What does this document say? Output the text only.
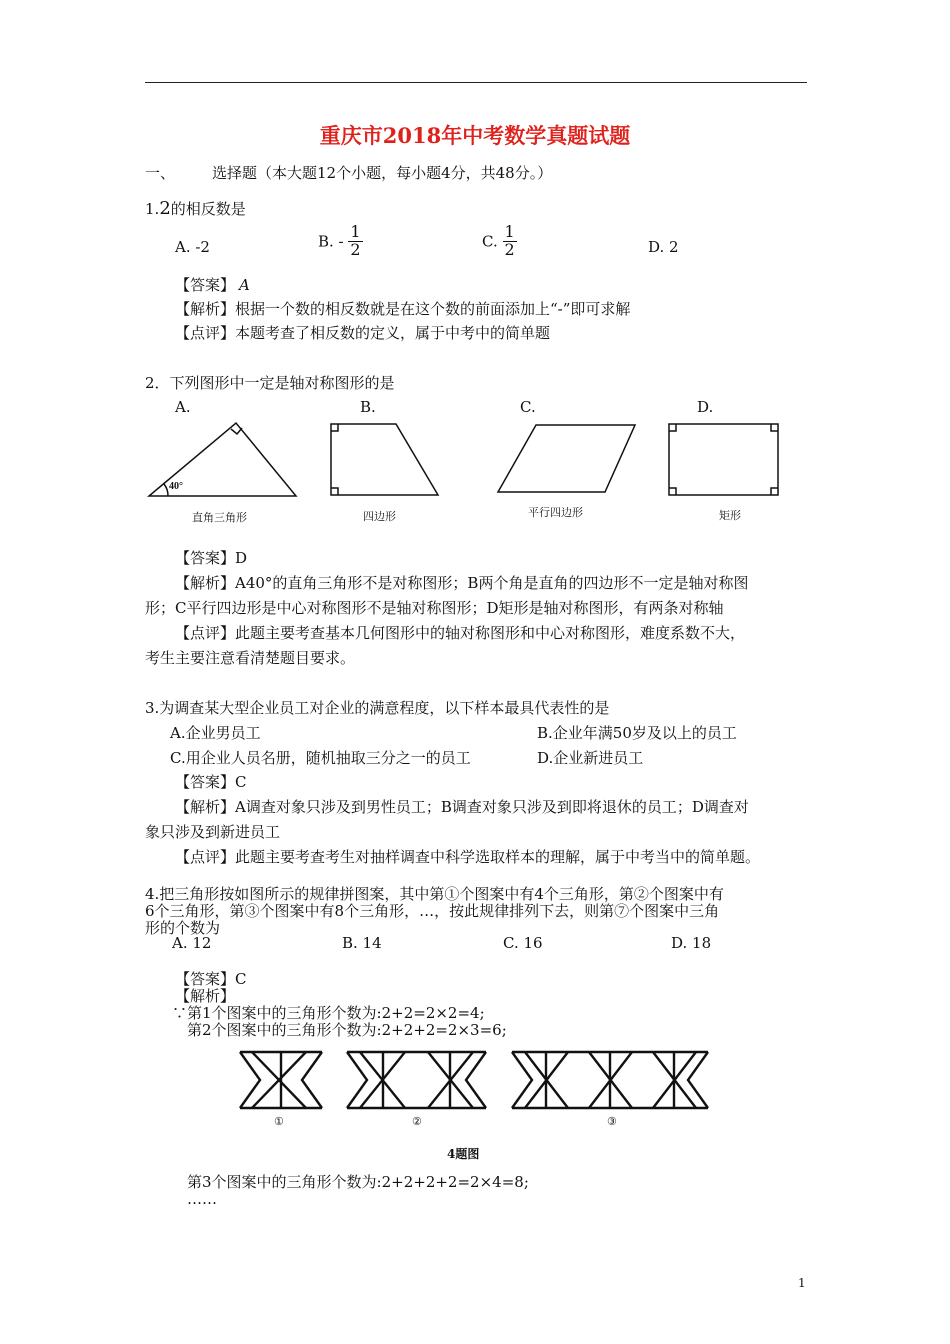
重庆市2018年中考数学真题试题
一、 选择题（本大题12个小题，每小题4分，共48分。）
1.2的相反数是
A. -2	B. - $\frac{1}{2}$	C. $\frac{1}{2}$	D. 2
【答案】 A
【解析】根据一个数的相反数就是在这个数的前面添加上“-”即可求解
【点评】本题考查了相反数的定义，属于中考中的简单题
2．下列图形中一定是轴对称图形的是
A.	B.	C.	D.
40°
直角三角形	四边形	平行四边形	矩形
【答案】D
【解析】A40°的直角三角形不是对称图形；B两个角是直角的四边形不一定是轴对称图
形；C平行四边形是中心对称图形不是轴对称图形；D矩形是轴对称图形，有两条对称轴
【点评】此题主要考查基本几何图形中的轴对称图形和中心对称图形，难度系数不大，
考生主要注意看清楚题目要求。
3.为调查某大型企业员工对企业的满意程度，以下样本最具代表性的是
A.企业男员工	B.企业年满50岁及以上的员工
C.用企业人员名册，随机抽取三分之一的员工	D.企业新进员工
【答案】C
【解析】A调查对象只涉及到男性员工；B调查对象只涉及到即将退休的员工；D调查对
象只涉及到新进员工
【点评】此题主要考查考生对抽样调查中科学选取样本的理解，属于中考当中的简单题。
4.把三角形按如图所示的规律拼图案，其中第①个图案中有4个三角形，第②个图案中有
6个三角形，第③个图案中有8个三角形，…，按此规律排列下去，则第⑦个图案中三角
形的个数为
A. 12	B. 14	C. 16	D. 18
【答案】C
【解析】
∵第1个图案中的三角形个数为:2+2=2×2=4;
第2个图案中的三角形个数为:2+2+2=2×3=6;
①	②	③
4题图
第3个图案中的三角形个数为:2+2+2+2=2×4=8;
……
1
